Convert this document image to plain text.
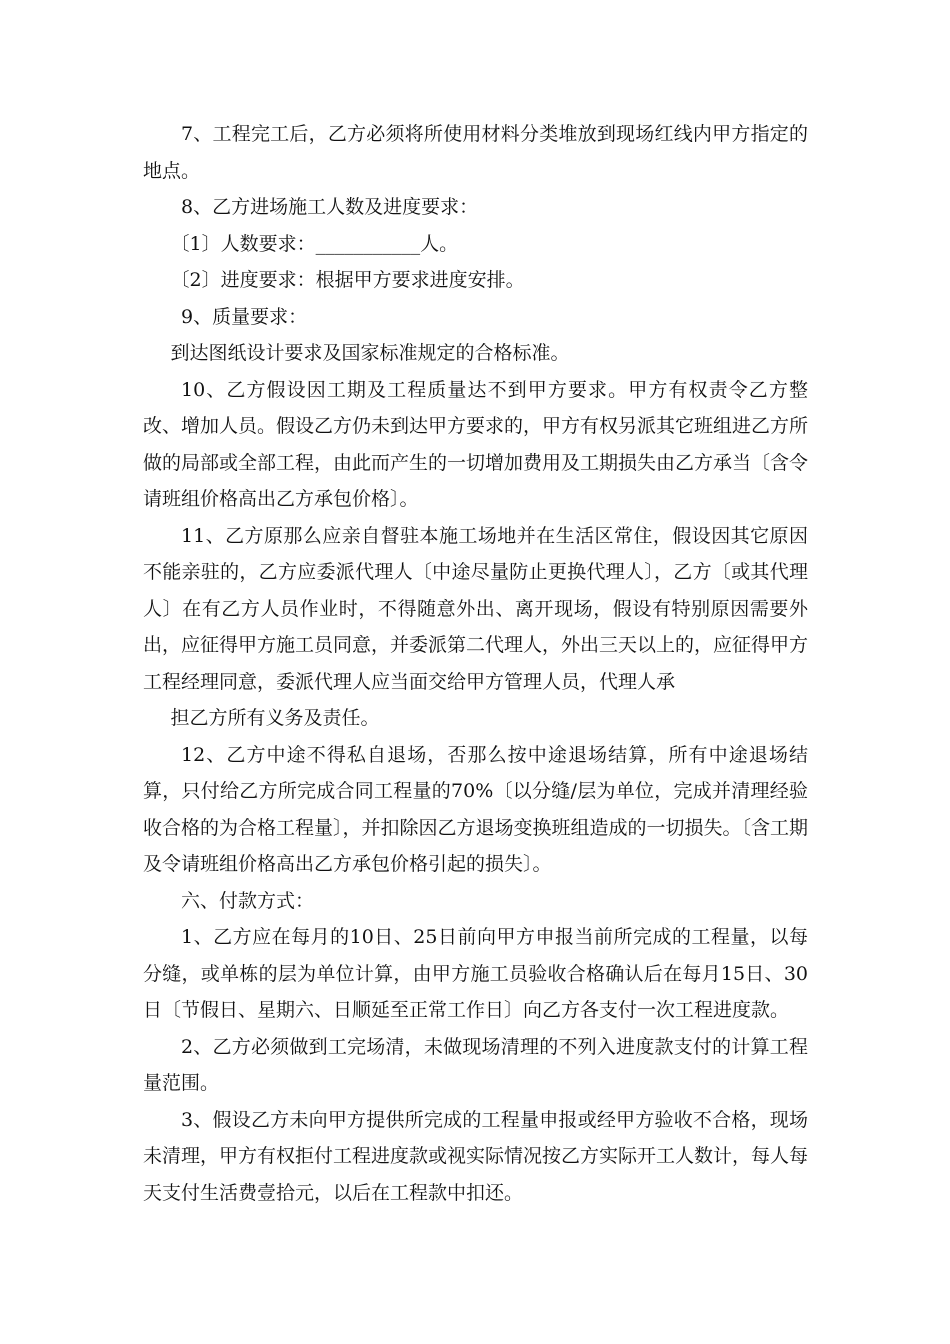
7、工程完工后，乙方必须将所使用材料分类堆放到现场红线内甲方指定的地点。

8、乙方进场施工人数及进度要求：

〔1〕人数要求：___________人。

〔2〕进度要求：根据甲方要求进度安排。

9、质量要求：

到达图纸设计要求及国家标准规定的合格标准。

10、乙方假设因工期及工程质量达不到甲方要求。甲方有权责令乙方整改、增加人员。假设乙方仍未到达甲方要求的，甲方有权另派其它班组进乙方所做的局部或全部工程，由此而产生的一切增加费用及工期损失由乙方承当〔含令请班组价格高出乙方承包价格〕。

11、乙方原那么应亲自督驻本施工场地并在生活区常住，假设因其它原因不能亲驻的，乙方应委派代理人〔中途尽量防止更换代理人〕，乙方〔或其代理人〕在有乙方人员作业时，不得随意外出、离开现场，假设有特别原因需要外出，应征得甲方施工员同意，并委派第二代理人，外出三天以上的，应征得甲方工程经理同意，委派代理人应当面交给甲方管理人员，代理人承

担乙方所有义务及责任。

12、乙方中途不得私自退场，否那么按中途退场结算，所有中途退场结算，只付给乙方所完成合同工程量的70%〔以分缝/层为单位，完成并清理经验收合格的为合格工程量〕，并扣除因乙方退场变换班组造成的一切损失。〔含工期及令请班组价格高出乙方承包价格引起的损失〕。

六、付款方式：

1、乙方应在每月的10日、25日前向甲方申报当前所完成的工程量，以每分缝，或单栋的层为单位计算，由甲方施工员验收合格确认后在每月15日、30日〔节假日、星期六、日顺延至正常工作日〕向乙方各支付一次工程进度款。

2、乙方必须做到工完场清，未做现场清理的不列入进度款支付的计算工程量范围。

3、假设乙方未向甲方提供所完成的工程量申报或经甲方验收不合格，现场未清理，甲方有权拒付工程进度款或视实际情况按乙方实际开工人数计，每人每天支付生活费壹拾元，以后在工程款中扣还。
